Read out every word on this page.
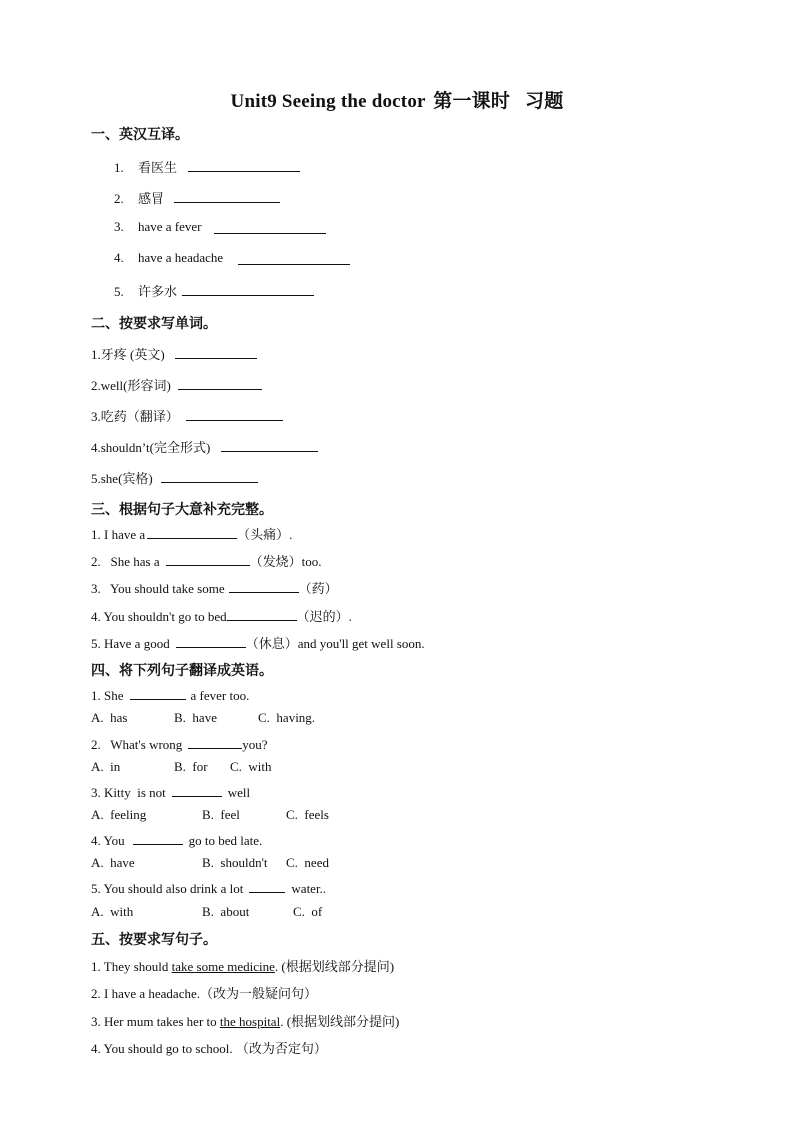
Unit9 Seeing the doctor 第一课时 习题
一、英汉互译。
1. 看医生
2. 感冒
3. have a fever
4. have a headache
5. 许多水
二、按要求写单词。
1.牙疼 (英文)
2.well(形容词)
3.吃药（翻译）
4.shouldn’t(完全形式)
5.she(宾格)
三、根据句子大意补充完整。
1. I have a	（头痛）.
2.   She has a	（发烧）too.
3.   You should take some	（药）
4. You shouldn't go to bed	（迟的）.
5. Have a good	（休息）and you'll get well soon.
四、将下列句子翻译成英语。
1. She	a fever too.
A.  has	B.  have	C.  having.
2.   What's wrong	you?
A.  in	B.  for C.  with
3. Kitty  is not	well
A.  feeling	B.  feel	C.  feels
4. You	go to bed late.
A.  have	B.  shouldn't C.  need
5. You should also drink a lot	water..
A.  with	B.  about	C.  of
五、按要求写句子。
1. They should take some medicine. (根据划线部分提问)
2. I have a headache.（改为一般疑问句）
3. Her mum takes her to the hospital. (根据划线部分提问)
4. You should go to school. （改为否定句）
